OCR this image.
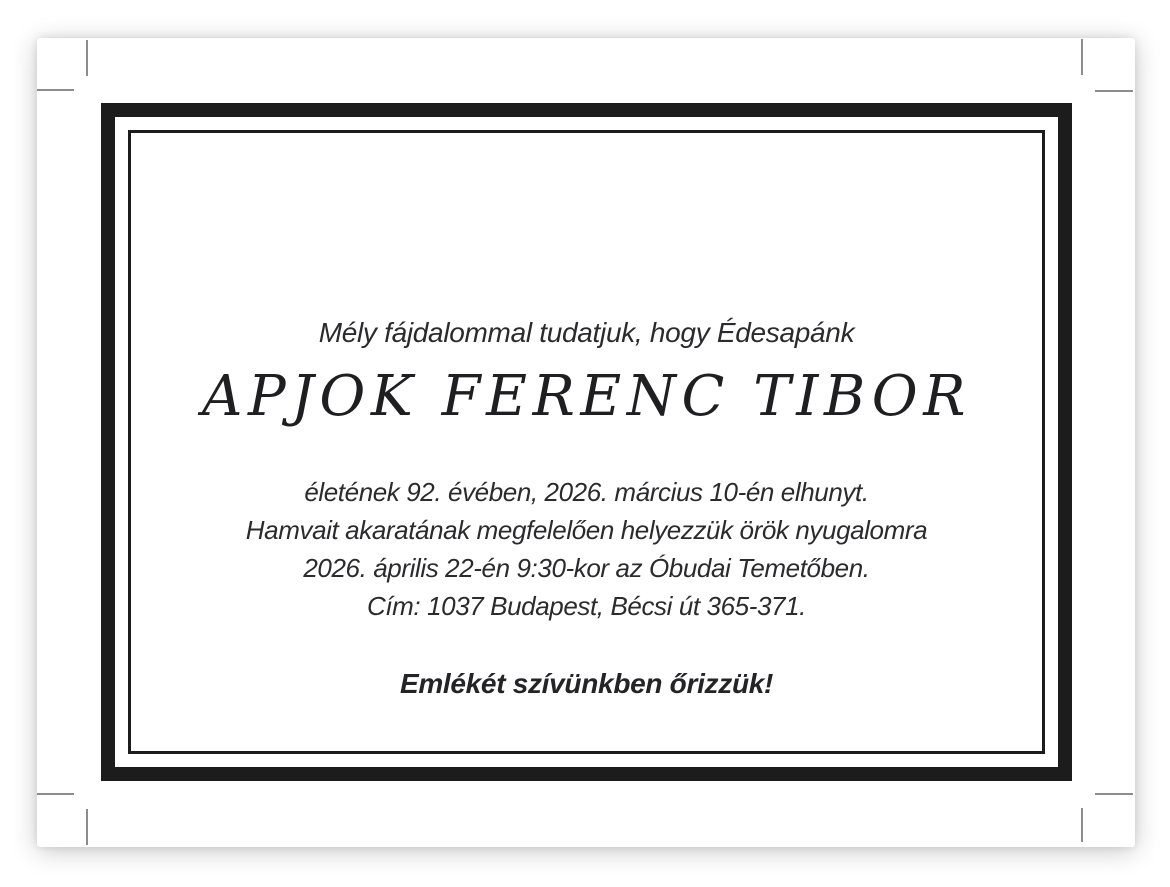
Mély fájdalommal tudatjuk, hogy Édesapánk

APJOK FERENC TIBOR

életének 92. évében, 2026. március 10-én elhunyt.

Hamvait akaratának megfelelően helyezzük örök nyugalomra

2026. április 22-én 9:30-kor az Óbudai Temetőben.

Cím: 1037 Budapest, Bécsi út 365-371.

Emlékét szívünkben őrizzük!
